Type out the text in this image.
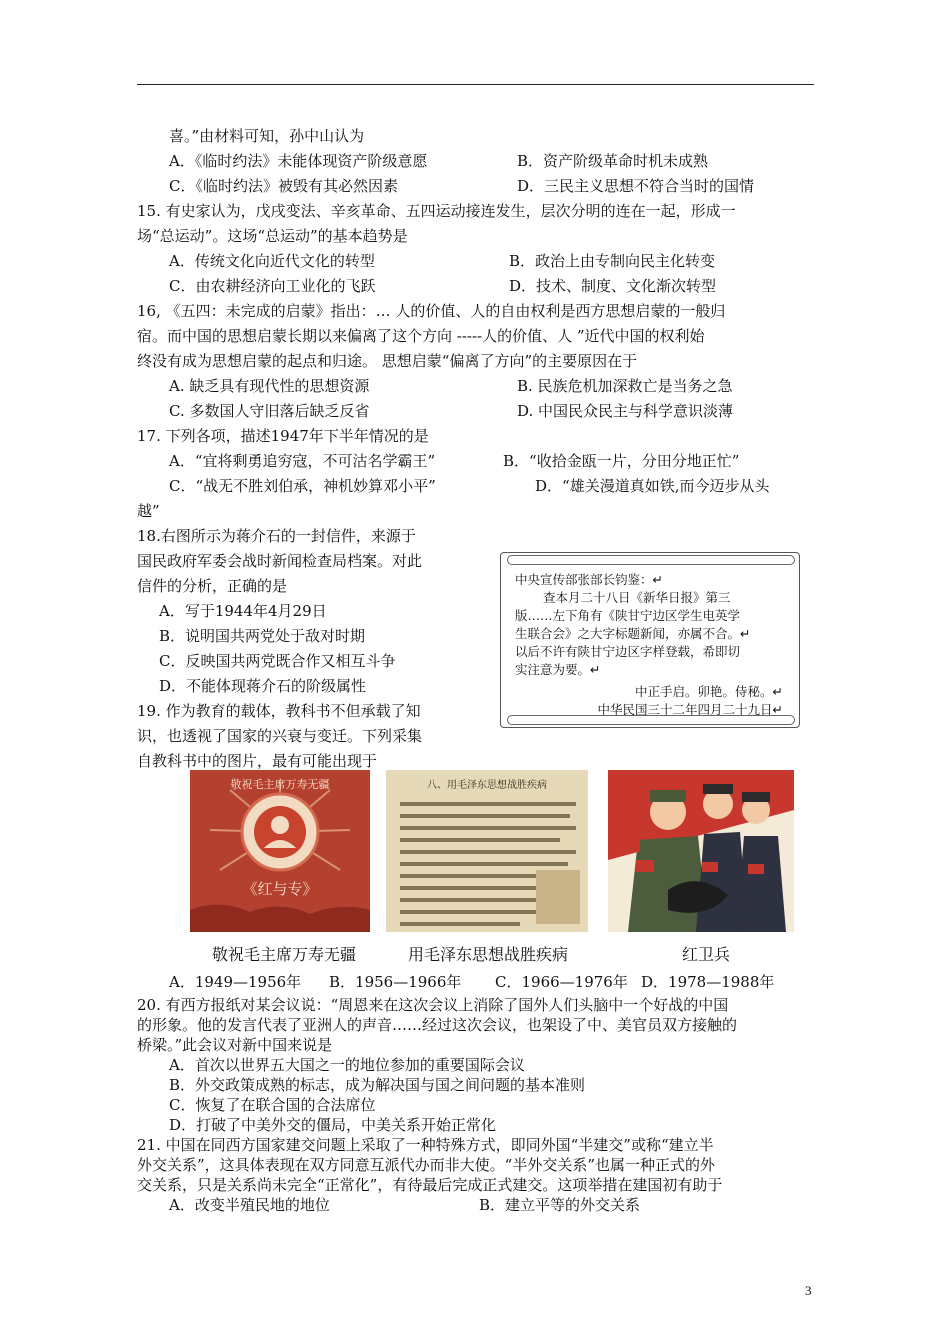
喜。”由材料可知，孙中山认为
A．《临时约法》未能体现资产阶级意愿	B．资产阶级革命时机未成熟
C．《临时约法》被毁有其必然因素	D．三民主义思想不符合当时的国情
15. 有史家认为，戊戌变法、辛亥革命、五四运动接连发生，层次分明的连在一起，形成一
场“总运动”。这场“总运动”的基本趋势是
A．传统文化向近代文化的转型	B．政治上由专制向民主化转变
C．由农耕经济向工业化的飞跃	D．技术、制度、文化渐次转型
16, 《五四：未完成的启蒙》指出：… 人的价值、人的自由权利是西方思想启蒙的一般归
宿。而中国的思想启蒙长期以来偏离了这个方向 -----人的价值、人 ”近代中国的权利始
终没有成为思想启蒙的起点和归途。 思想启蒙“偏离了方向”的主要原因在于
A. 缺乏具有现代性的思想资源	B. 民族危机加深救亡是当务之急
C. 多数国人守旧落后缺乏反省	D. 中国民众民主与科学意识淡薄
17. 下列各项，描述1947年下半年情况的是
A．“宜将剩勇追穷寇，不可沽名学霸王”	B．“收拾金瓯一片，分田分地正忙”
C．“战无不胜刘伯承，神机妙算邓小平”	D．“雄关漫道真如铁,而今迈步从头
越”
18.右图所示为蒋介石的一封信件，来源于
国民政府军委会战时新闻检查局档案。对此
信件的分析，正确的是
A．写于1944年4月29日
B．说明国共两党处于敌对时期
C．反映国共两党既合作又相互斗争
D．不能体现蒋介石的阶级属性
19. 作为教育的载体，教科书不但承载了知
识，也透视了国家的兴衰与变迁。下列采集
自教科书中的图片，最有可能出现于

中央宣传部张部长钧鉴：↵

查本月二十八日《新华日报》第三

版……左下角有《陕甘宁边区学生电英学

生联合会》之大字标题新闻，亦属不合。↵

以后不许有陕甘宁边区字样登载，希即切

实注意为要。↵

中正手启。卯艳。侍秘。↵

中华民国三十二年四月二十九日↵

敬祝毛主席万寿无疆
《红与专》
八、用毛泽东思想战胜疾病
敬祝毛主席万寿无疆	用毛泽东思想战胜疾病	红卫兵
A．1949—1956年	B．1956—1966年	C．1966—1976年 D．1978—1988年
20. 有西方报纸对某会议说：“周恩来在这次会议上消除了国外人们头脑中一个好战的中国
的形象。他的发言代表了亚洲人的声音……经过这次会议，也架设了中、美官员双方接触的
桥梁。”此会议对新中国来说是
A．首次以世界五大国之一的地位参加的重要国际会议
B．外交政策成熟的标志，成为解决国与国之间问题的基本准则
C．恢复了在联合国的合法席位
D．打破了中美外交的僵局，中美关系开始正常化
21. 中国在同西方国家建交问题上采取了一种特殊方式，即同外国“半建交”或称“建立半
外交关系”，这具体表现在双方同意互派代办而非大使。“半外交关系”也属一种正式的外
交关系，只是关系尚未完全“正常化”，有待最后完成正式建交。这项举措在建国初有助于
A．改变半殖民地的地位	B．建立平等的外交关系
3
